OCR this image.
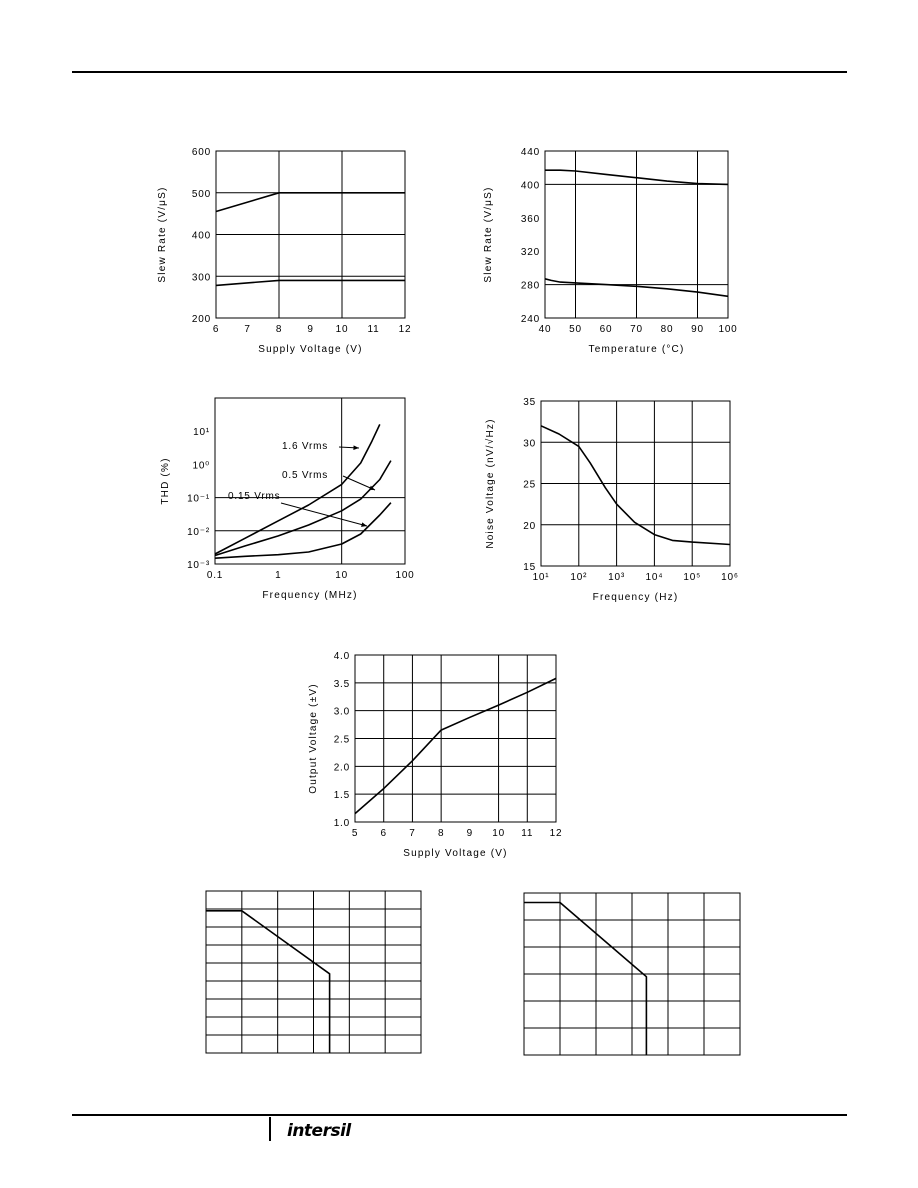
intersil
6	7	8	9 10 11 12
200
300
400
500
600
Supply Voltage (V)
Slew Rate (V/μS)
40 50 60 70 80 90 100
240
280
320
360
400
440
Temperature (°C)
Slew Rate (V/μS)
0.1	1	10	100
10⁻³
10⁻²
10⁻¹
10⁰
10¹
Frequency (MHz)
THD (%)
1.6 Vrms
0.5 Vrms
0.15 Vrms
10¹ 10² 10³ 10⁴ 10⁵ 10⁶
15
20
25
30
35
Frequency (Hz)
Noise Voltage (nV/√Hz)
5 6 7 8 9 10 11 12
1.0
1.5
2.0
2.5
3.0
3.5
4.0
Supply Voltage (V)
Output Voltage (±V)
